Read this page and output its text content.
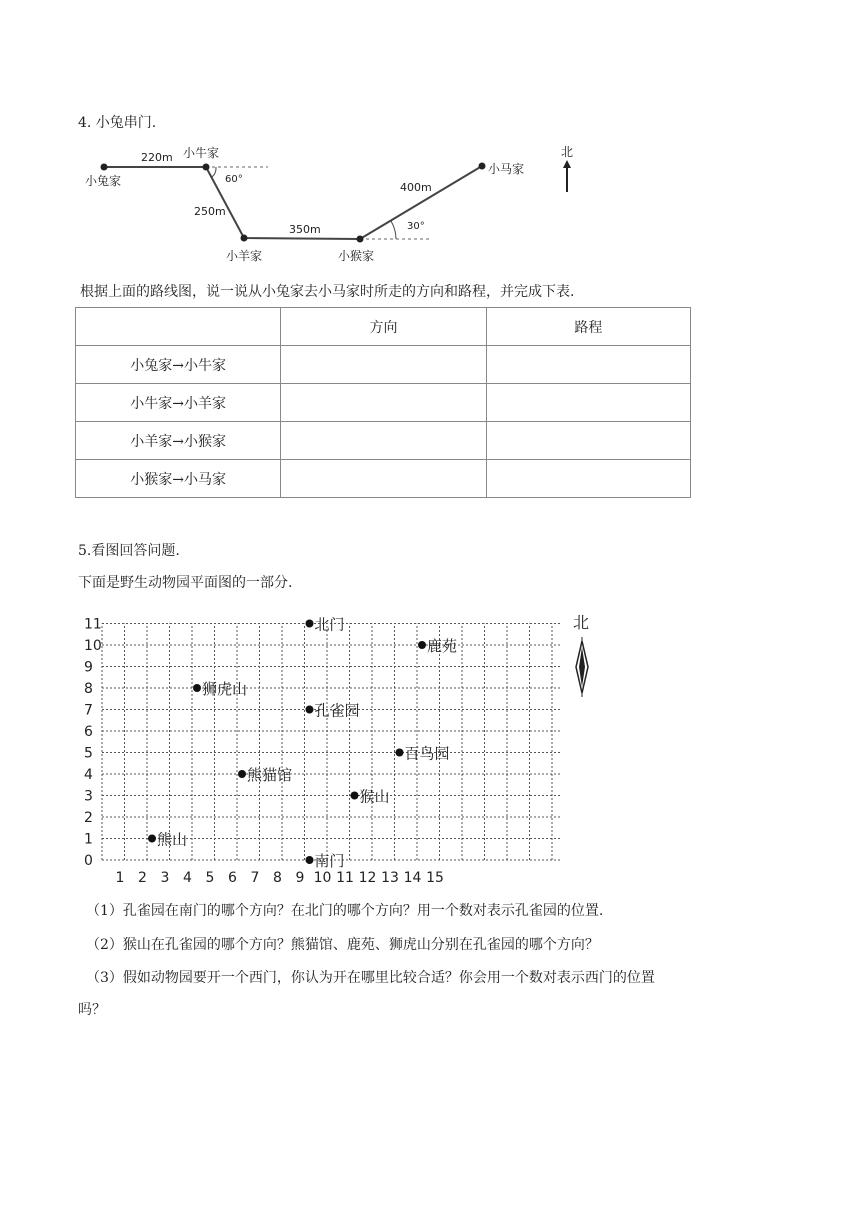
4. 小兔串门.
小兔家
小牛家
小羊家	小猴家
小马家
220m
250m
350m
400m
60°
30°
北
根据上面的路线图，说一说从小兔家去小马家时所走的方向和路程，并完成下表.
	方向	路程
小兔家→小牛家		
小牛家→小羊家		
小羊家→小猴家		
小猴家→小马家		
5.看图回答问题.
下面是野生动物园平面图的一部分.
0
1
2
3
4
5
6
7
8
9
10
11
1 2 3 4 5 6 7 8 9 10 11 12 13 14 15
北门
鹿苑
狮虎山
孔雀园
百鸟园
熊猫馆
猴山
熊山
南门
北
（1）孔雀园在南门的哪个方向？在北门的哪个方向？用一个数对表示孔雀园的位置.
（2）猴山在孔雀园的哪个方向？熊猫馆、鹿苑、狮虎山分别在孔雀园的哪个方向？
（3）假如动物园要开一个西门，你认为开在哪里比较合适？你会用一个数对表示西门的位置
吗？
